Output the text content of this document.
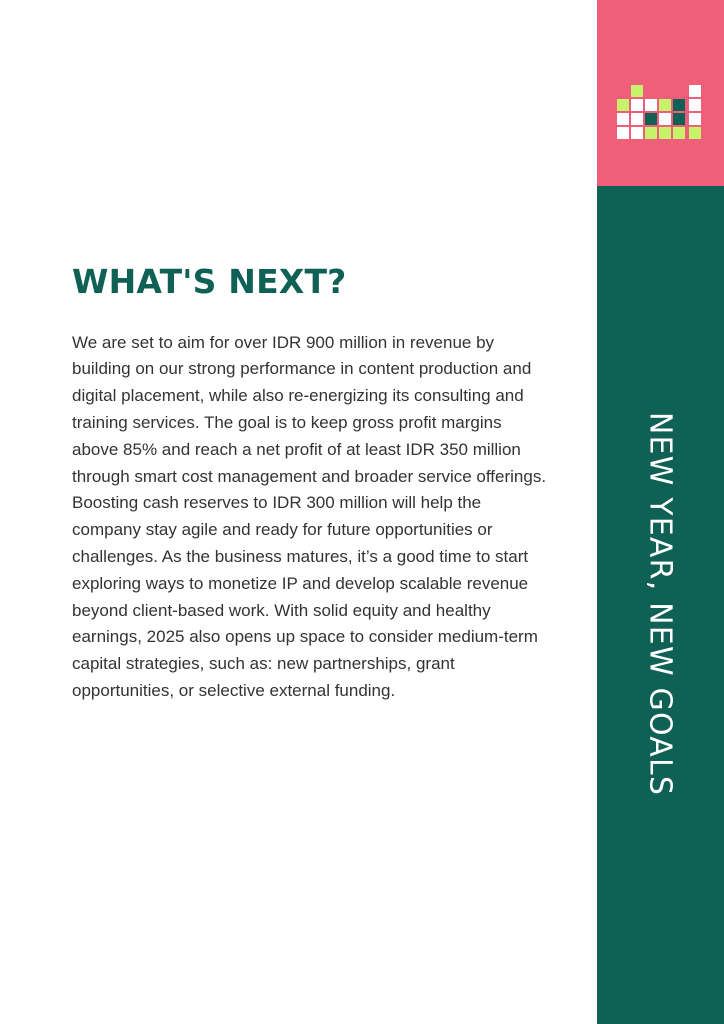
WHAT'S NEXT?

We are set to aim for over IDR 900 million in revenue by building on our strong performance in content production and digital placement, while also re-energizing its consulting and training services. The goal is to keep gross profit margins above 85% and reach a net profit of at least IDR 350 million through smart cost management and broader service offerings. Boosting cash reserves to IDR 300 million will help the company stay agile and ready for future opportunities or challenges. As the business matures, it’s a good time to start exploring ways to monetize IP and develop scalable revenue beyond client-based work. With solid equity and healthy earnings, 2025 also opens up space to consider medium-term capital strategies, such as: new partnerships, grant opportunities, or selective external funding.	NEW YEAR, NEW GOALS
